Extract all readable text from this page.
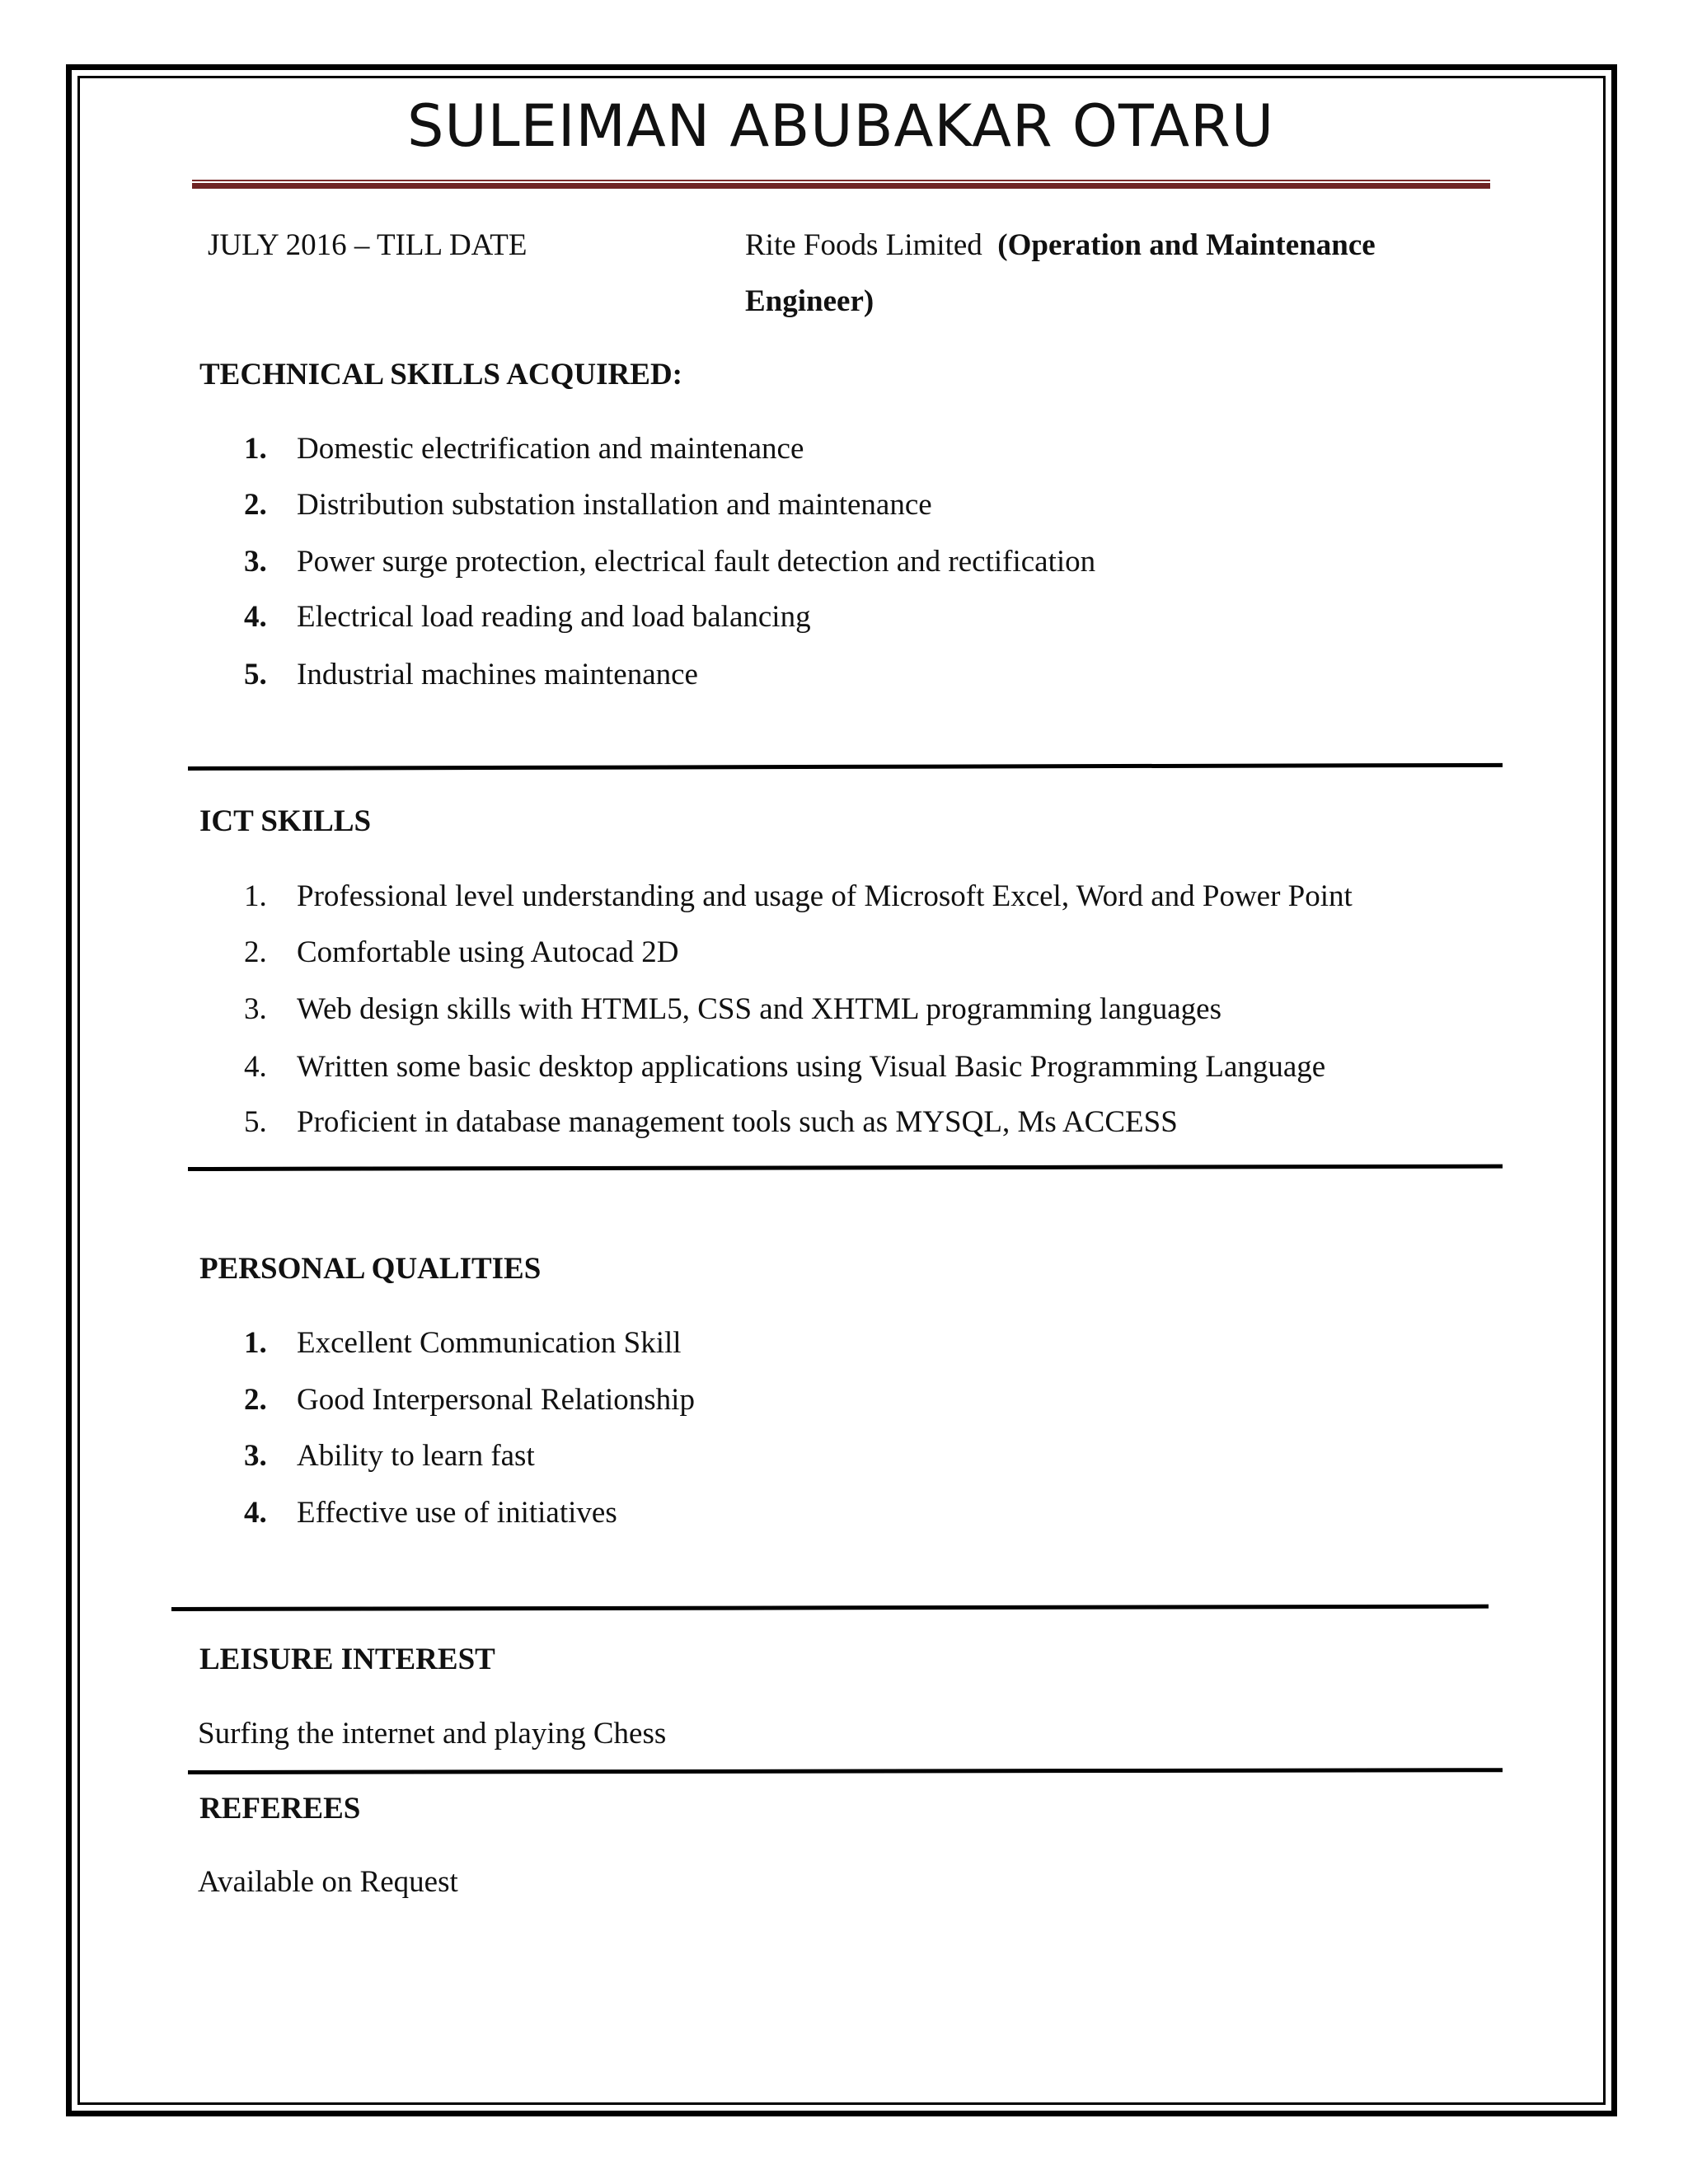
SULEIMAN ABUBAKAR OTARU
JULY 2016 – TILL DATE	Rite Foods Limited (Operation and Maintenance
Engineer)
TECHNICAL SKILLS ACQUIRED:
1. Domestic electrification and maintenance
2. Distribution substation installation and maintenance
3. Power surge protection, electrical fault detection and rectification
4. Electrical load reading and load balancing
5. Industrial machines maintenance
ICT SKILLS
1. Professional level understanding and usage of Microsoft Excel, Word and Power Point
2. Comfortable using Autocad 2D
3. Web design skills with HTML5, CSS and XHTML programming languages
4. Written some basic desktop applications using Visual Basic Programming Language
5. Proficient in database management tools such as MYSQL, Ms ACCESS
PERSONAL QUALITIES
1. Excellent Communication Skill
2. Good Interpersonal Relationship
3. Ability to learn fast
4. Effective use of initiatives
LEISURE INTEREST
Surfing the internet and playing Chess
REFEREES
Available on Request
